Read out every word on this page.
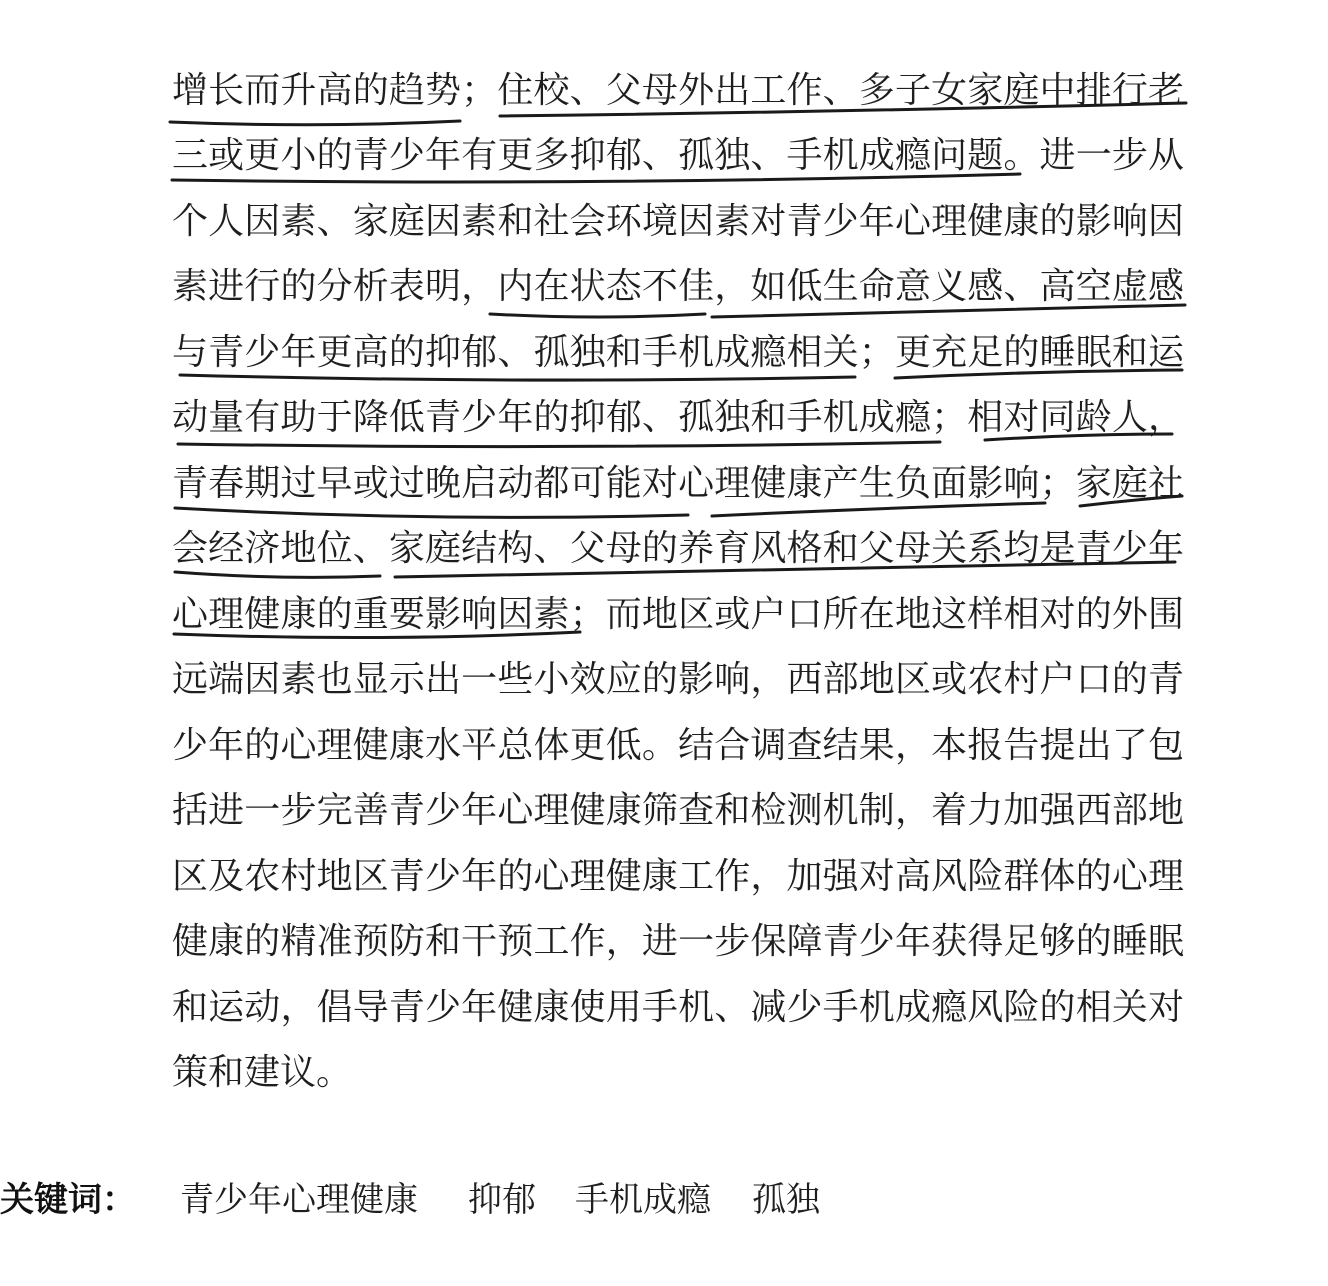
增长而升高的趋势；住校、父母外出工作、多子女家庭中排行老
三或更小的青少年有更多抑郁、孤独、手机成瘾问题。进一步从
个人因素、家庭因素和社会环境因素对青少年心理健康的影响因
素进行的分析表明，内在状态不佳，如低生命意义感、高空虚感
与青少年更高的抑郁、孤独和手机成瘾相关；更充足的睡眠和运
动量有助于降低青少年的抑郁、孤独和手机成瘾；相对同龄人，
青春期过早或过晚启动都可能对心理健康产生负面影响；家庭社
会经济地位、家庭结构、父母的养育风格和父母关系均是青少年
心理健康的重要影响因素；而地区或户口所在地这样相对的外围
远端因素也显示出一些小效应的影响，西部地区或农村户口的青
少年的心理健康水平总体更低。结合调查结果，本报告提出了包
括进一步完善青少年心理健康筛查和检测机制，着力加强西部地
区及农村地区青少年的心理健康工作，加强对高风险群体的心理
健康的精准预防和干预工作，进一步保障青少年获得足够的睡眠
和运动，倡导青少年健康使用手机、减少手机成瘾风险的相关对
策和建议。
关键词： 青少年心理健康 抑郁 手机成瘾 孤独
